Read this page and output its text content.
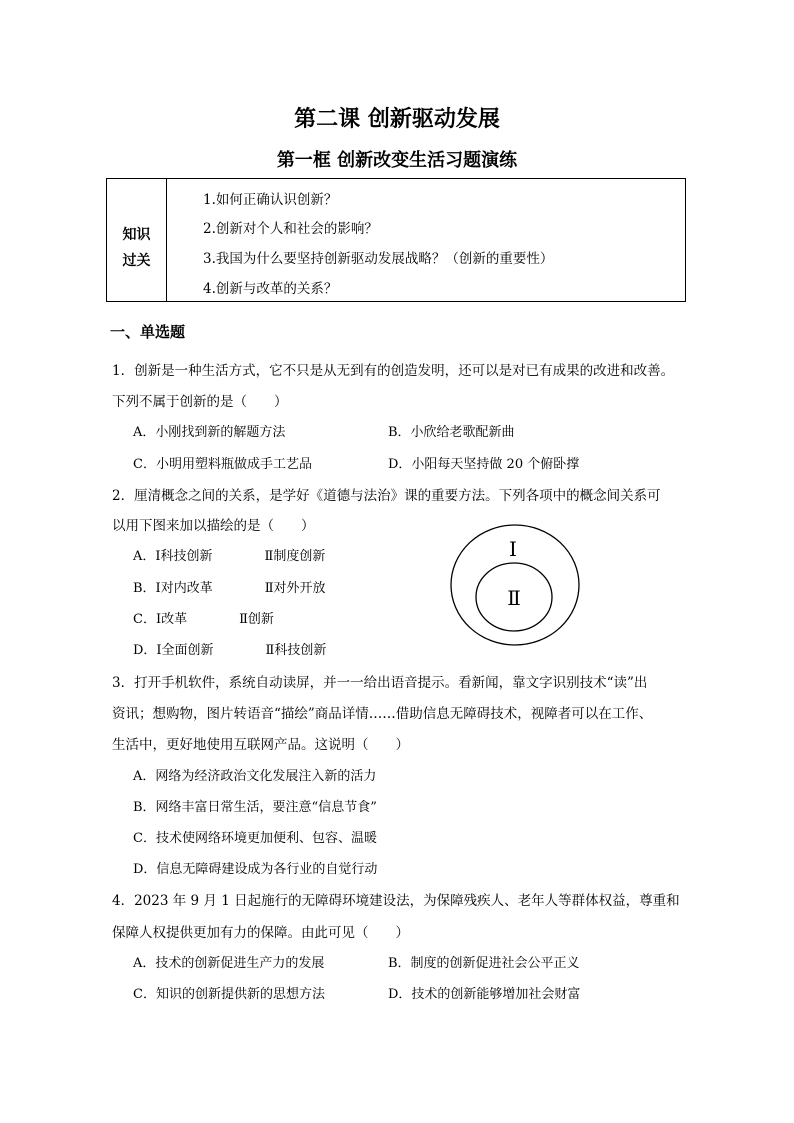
第二课 创新驱动发展
第一框 创新改变生活习题演练
知识
过关
1.如何正确认识创新？
2.创新对个人和社会的影响？
3.我国为什么要坚持创新驱动发展战略？（创新的重要性）
4.创新与改革的关系？
一、单选题
1．创新是一种生活方式，它不只是从无到有的创造发明，还可以是对已有成果的改进和改善。
下列不属于创新的是（　　）
A．小刚找到新的解题方法	B．小欣给老歌配新曲
C．小明用塑料瓶做成手工艺品	D．小阳每天坚持做 20 个俯卧撑
2．厘清概念之间的关系，是学好《道德与法治》课的重要方法。下列各项中的概念间关系可
以用下图来加以描绘的是（　　）
A．Ⅰ科技创新　　　　Ⅱ制度创新
B．Ⅰ对内改革　　　　Ⅱ对外开放
C．Ⅰ改革　　　　Ⅱ创新
D．Ⅰ全面创新　　　　Ⅱ科技创新
Ⅰ
Ⅱ
3．打开手机软件，系统自动读屏，并一一给出语音提示。看新闻，靠文字识别技术“读”出
资讯；想购物，图片转语音“描绘”商品详情……借助信息无障碍技术，视障者可以在工作、
生活中，更好地使用互联网产品。这说明（　　）
A．网络为经济政治文化发展注入新的活力
B．网络丰富日常生活，要注意“信息节食”
C．技术使网络环境更加便利、包容、温暖
D．信息无障碍建设成为各行业的自觉行动
4．2023 年 9 月 1 日起施行的无障碍环境建设法，为保障残疾人、老年人等群体权益，尊重和
保障人权提供更加有力的保障。由此可见（　　）
A．技术的创新促进生产力的发展	B．制度的创新促进社会公平正义
C．知识的创新提供新的思想方法	D．技术的创新能够增加社会财富
